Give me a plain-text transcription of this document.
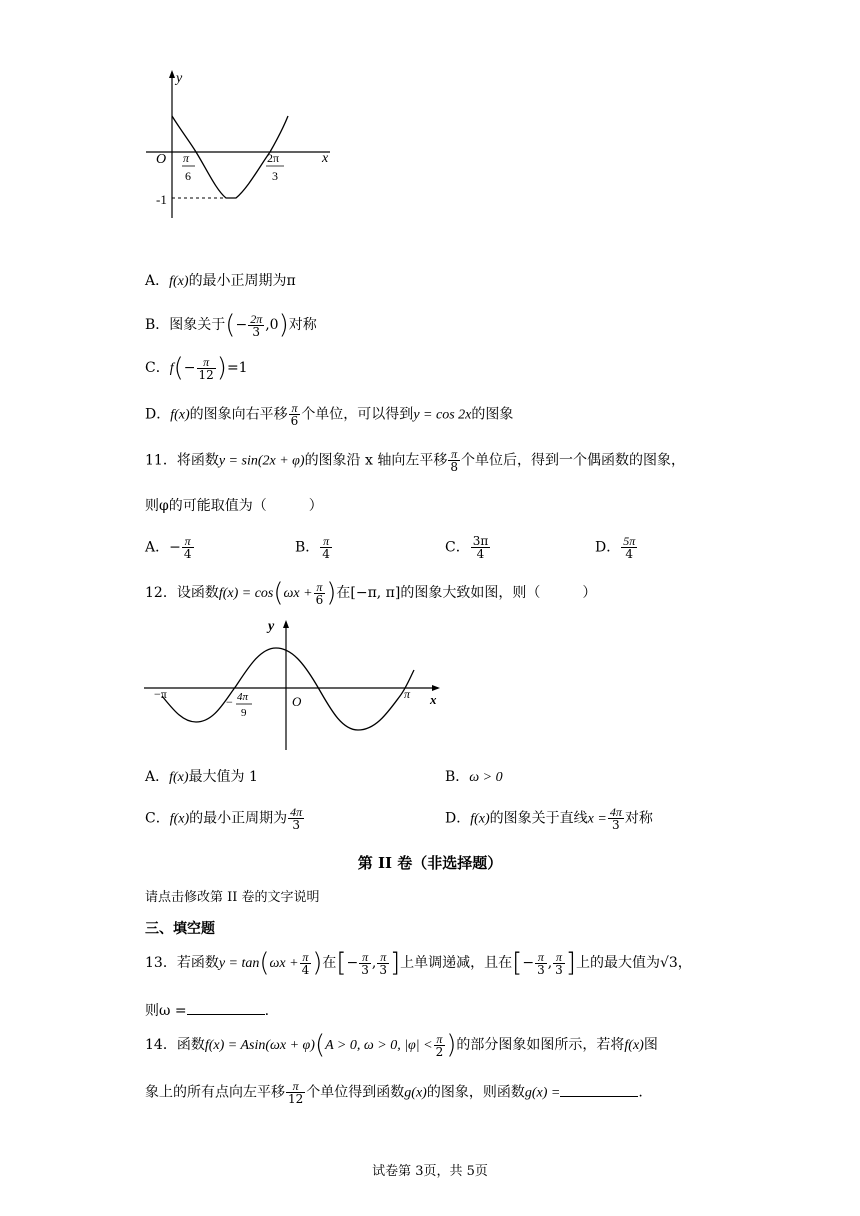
y
x
O π
6
2π
3
-1
A．f(x)的最小正周期为π
B．图象关于(− $\frac{2\pi}{3} ,0$)对称
C．$f(- \frac{\pi}{12} )=1$
D．f(x)的图象向右平移 $\frac{\pi}{6}$ 个单位，可以得到y = cos 2x的图象
11．将函数y = sin(2x + φ)的图象沿 x 轴向左平移 $\frac{\pi}{8}$ 个单位后，得到一个偶函数的图象，
则φ的可能取值为（　　　）
A．− $\frac{\pi}{4}$	B． $\frac{\pi}{4}$	C． $\frac{3\pi}{4}$	D． $\frac{5\pi}{4}$
12．设函数$f(x) = \cos(\omega x + \frac{\pi}{6}$ )在[−π, π]的图象大致如图，则（　　　）
y
x
O
−π	π
− 4π
9
A．f(x)最大值为 1	B．ω > 0
C．f(x)的最小正周期为 $\frac{4\pi}{3}$	D．f(x)的图象关于直线$x = \frac{4\pi}{3}$ 对称
第 II 卷（非选择题）
请点击修改第 II 卷的文字说明
三、填空题
13．若函数$y = \tan(\omega x + \frac{\pi}{4}$ )在[− $\frac{\pi}{3}$ , $\frac{\pi}{3}$ ]上单调递减，且在[− $\frac{\pi}{3}$ , $\frac{\pi}{3}$ ]上的最大值为√3，
则ω =	.
14．函数f(x) = Asin(ωx + φ)(A > 0, ω > 0, $|\varphi| < \frac{\pi}{2}$ )的部分图象如图所示，若将f(x)图
象上的所有点向左平移 $\frac{\pi}{12}$ 个单位得到函数g(x)的图象，则函数g(x) =	.
试卷第 3页，共 5页
